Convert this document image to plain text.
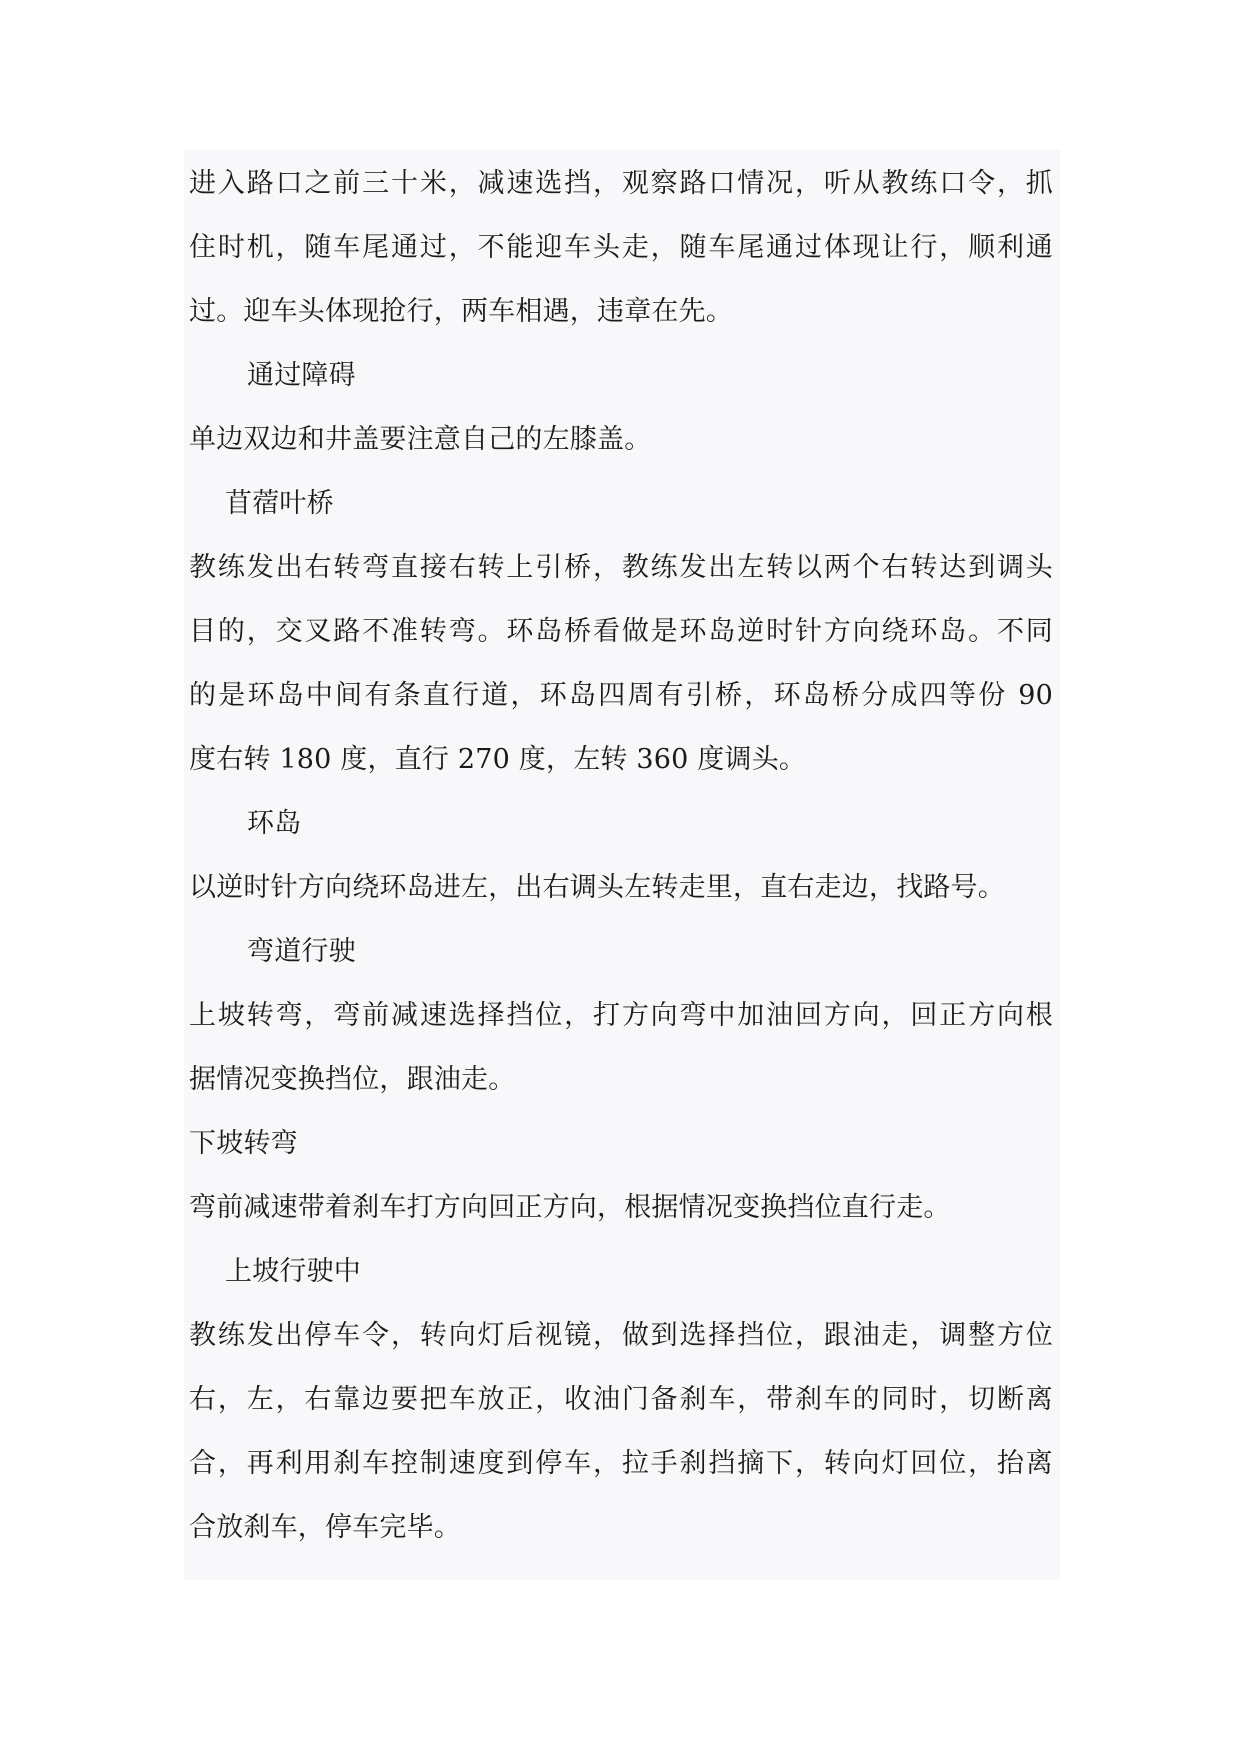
进入路口之前三十米，减速选挡，观察路口情况，听从教练口令，抓
住时机，随车尾通过，不能迎车头走，随车尾通过体现让行，顺利通
过。迎车头体现抢行，两车相遇，违章在先。
通过障碍
单边双边和井盖要注意自己的左膝盖。
苜蓿叶桥
教练发出右转弯直接右转上引桥，教练发出左转以两个右转达到调头
目的，交叉路不准转弯。环岛桥看做是环岛逆时针方向绕环岛。不同
的是环岛中间有条直行道，环岛四周有引桥，环岛桥分成四等份 90
度右转 180 度，直行 270 度，左转 360 度调头。
环岛
以逆时针方向绕环岛进左，出右调头左转走里，直右走边，找路号。
弯道行驶
上坡转弯，弯前减速选择挡位，打方向弯中加油回方向，回正方向根
据情况变换挡位，跟油走。
下坡转弯
弯前减速带着刹车打方向回正方向，根据情况变换挡位直行走。
上坡行驶中
教练发出停车令，转向灯后视镜，做到选择挡位，跟油走，调整方位
右，左，右靠边要把车放正，收油门备刹车，带刹车的同时，切断离
合，再利用刹车控制速度到停车，拉手刹挡摘下，转向灯回位，抬离
合放刹车，停车完毕。
